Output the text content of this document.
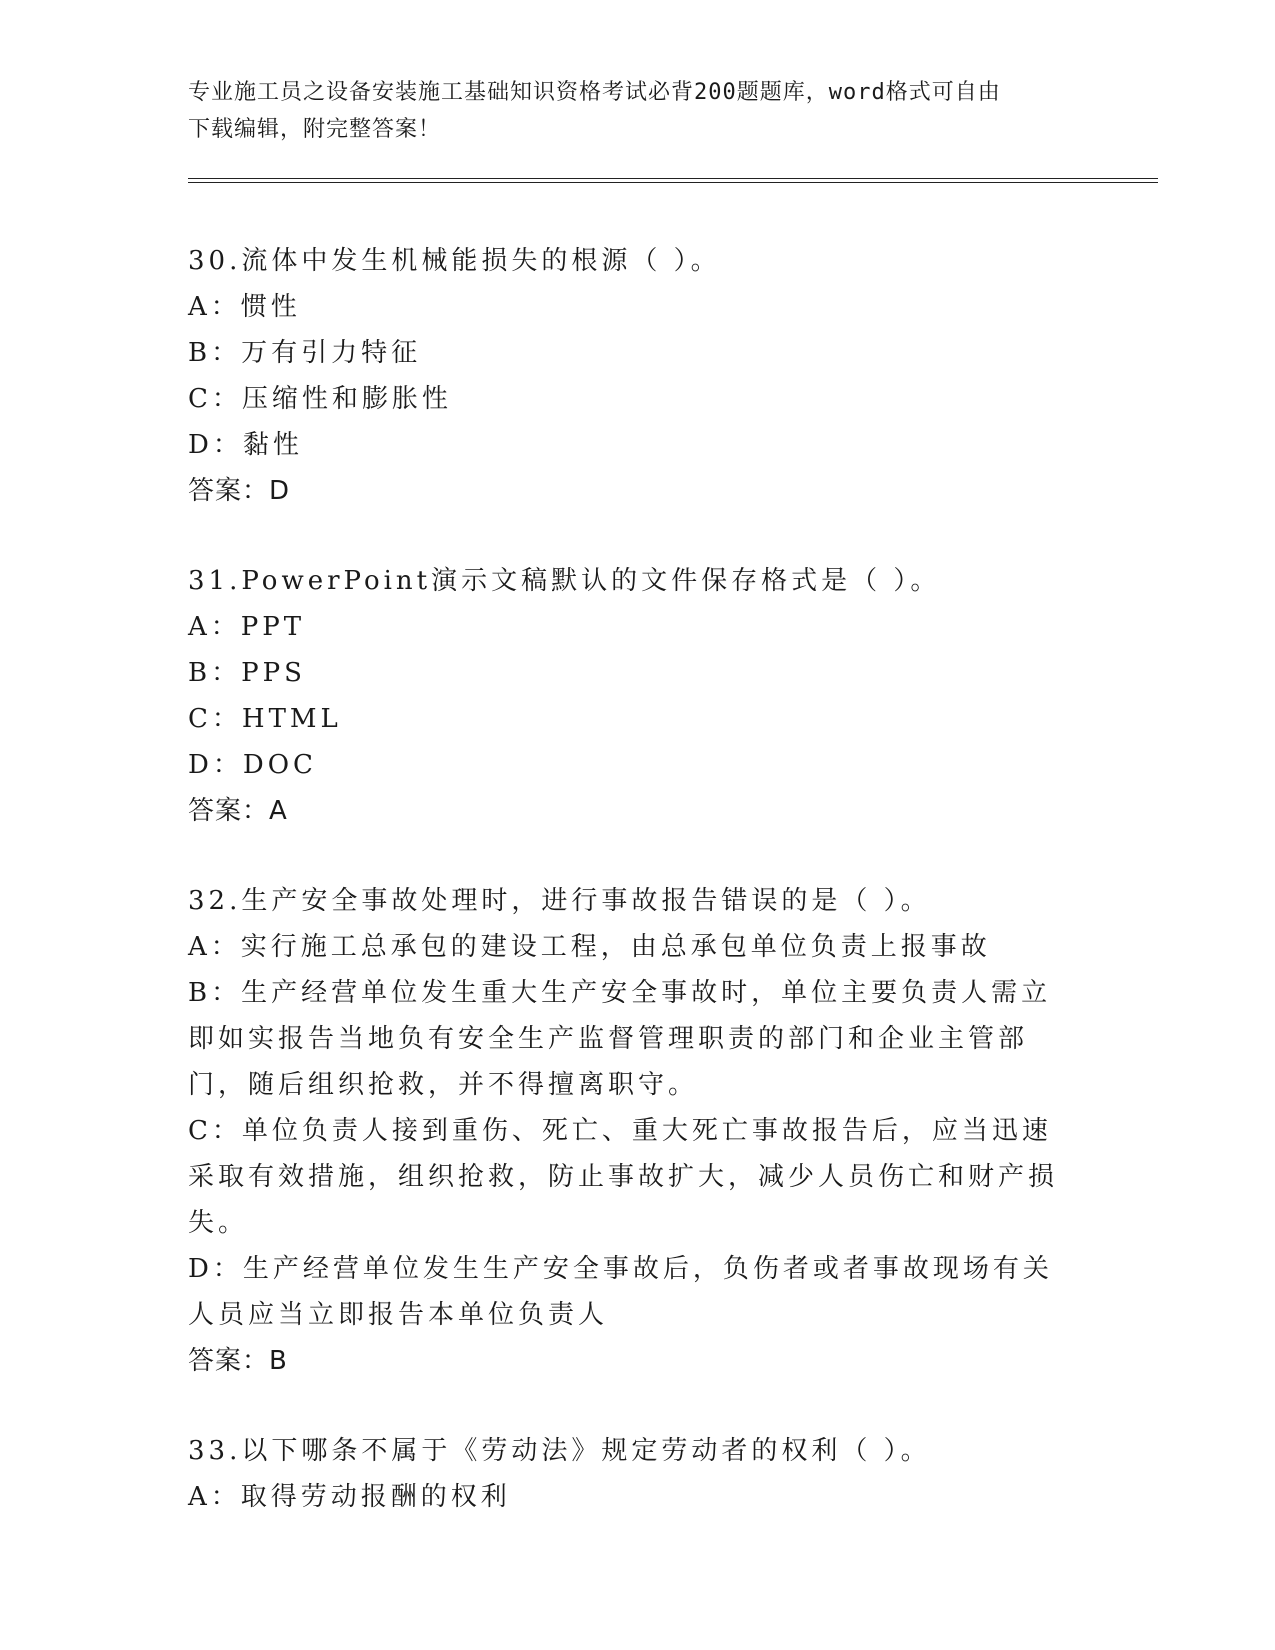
专业施工员之设备安装施工基础知识资格考试必背200题题库，word格式可自由
下载编辑，附完整答案！
30.流体中发生机械能损失的根源（ ）。
A：惯性
B：万有引力特征
C：压缩性和膨胀性
D：黏性
答案：D
31.PowerPoint演示文稿默认的文件保存格式是（ ）。
A：PPT
B：PPS
C：HTML
D：DOC
答案：A
32.生产安全事故处理时，进行事故报告错误的是（ ）。
A：实行施工总承包的建设工程，由总承包单位负责上报事故
B：生产经营单位发生重大生产安全事故时，单位主要负责人需立即如实报告当地负有安全生产监督管理职责的部门和企业主管部门，随后组织抢救，并不得擅离职守。
C：单位负责人接到重伤、死亡、重大死亡事故报告后，应当迅速采取有效措施，组织抢救，防止事故扩大，减少人员伤亡和财产损失。
D：生产经营单位发生生产安全事故后，负伤者或者事故现场有关人员应当立即报告本单位负责人
答案：B
33.以下哪条不属于《劳动法》规定劳动者的权利（ ）。
A：取得劳动报酬的权利
